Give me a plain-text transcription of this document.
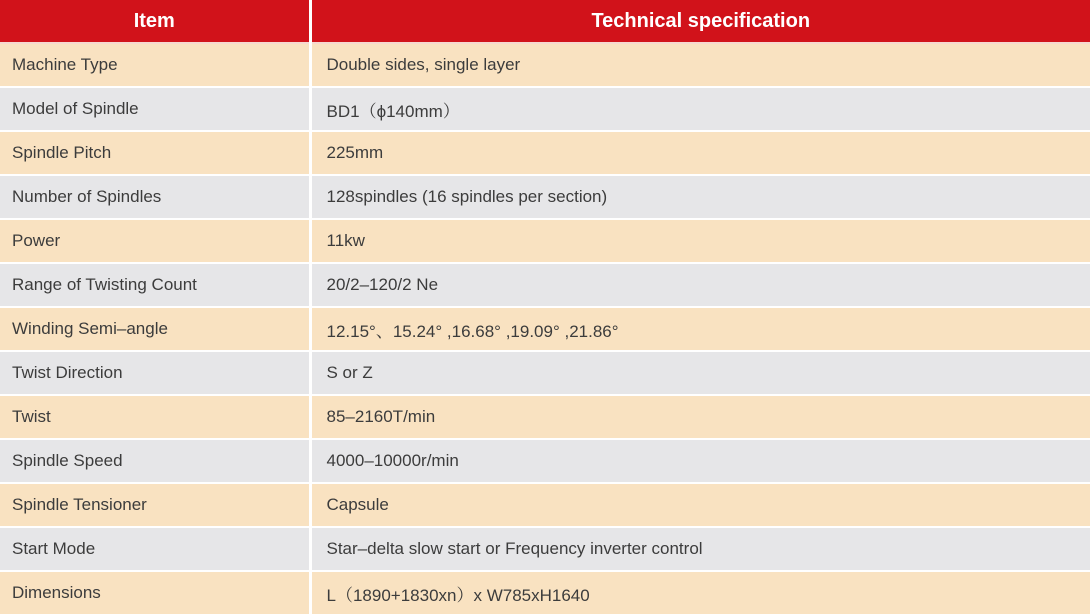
Item	Technical specification
Machine Type	Double sides, single layer
Model of Spindle	BD1（ϕ140mm）
Spindle Pitch	225mm
Number of Spindles	128spindles (16 spindles per section)
Power	11kw
Range of Twisting Count	20/2–120/2 Ne
Winding Semi–angle	12.15°、15.24° ,16.68° ,19.09° ,21.86°
Twist Direction	S or Z
Twist	85–2160T/min
Spindle Speed	4000–10000r/min
Spindle Tensioner	Capsule
Start Mode	Star–delta slow start or Frequency inverter control
Dimensions	L（1890+1830xn）x W785xH1640
